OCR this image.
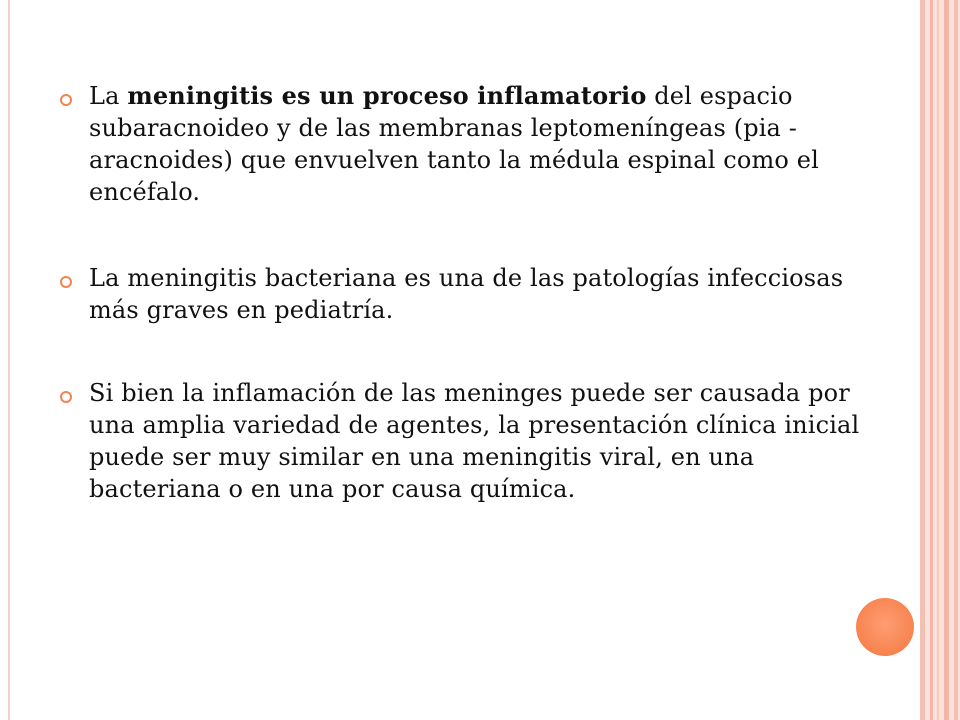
La meningitis es un proceso inflamatorio del espacio subaracnoideo y de las membranas leptomeníngeas (pia - aracnoides) que envuelven tanto la médula espinal como el encéfalo.
La meningitis bacteriana es una de las patologías infecciosas más graves en pediatría.
Si bien la inflamación de las meninges puede ser causada por una amplia variedad de agentes, la presentación clínica inicial puede ser muy similar en una meningitis viral, en una bacteriana o en una por causa química.
